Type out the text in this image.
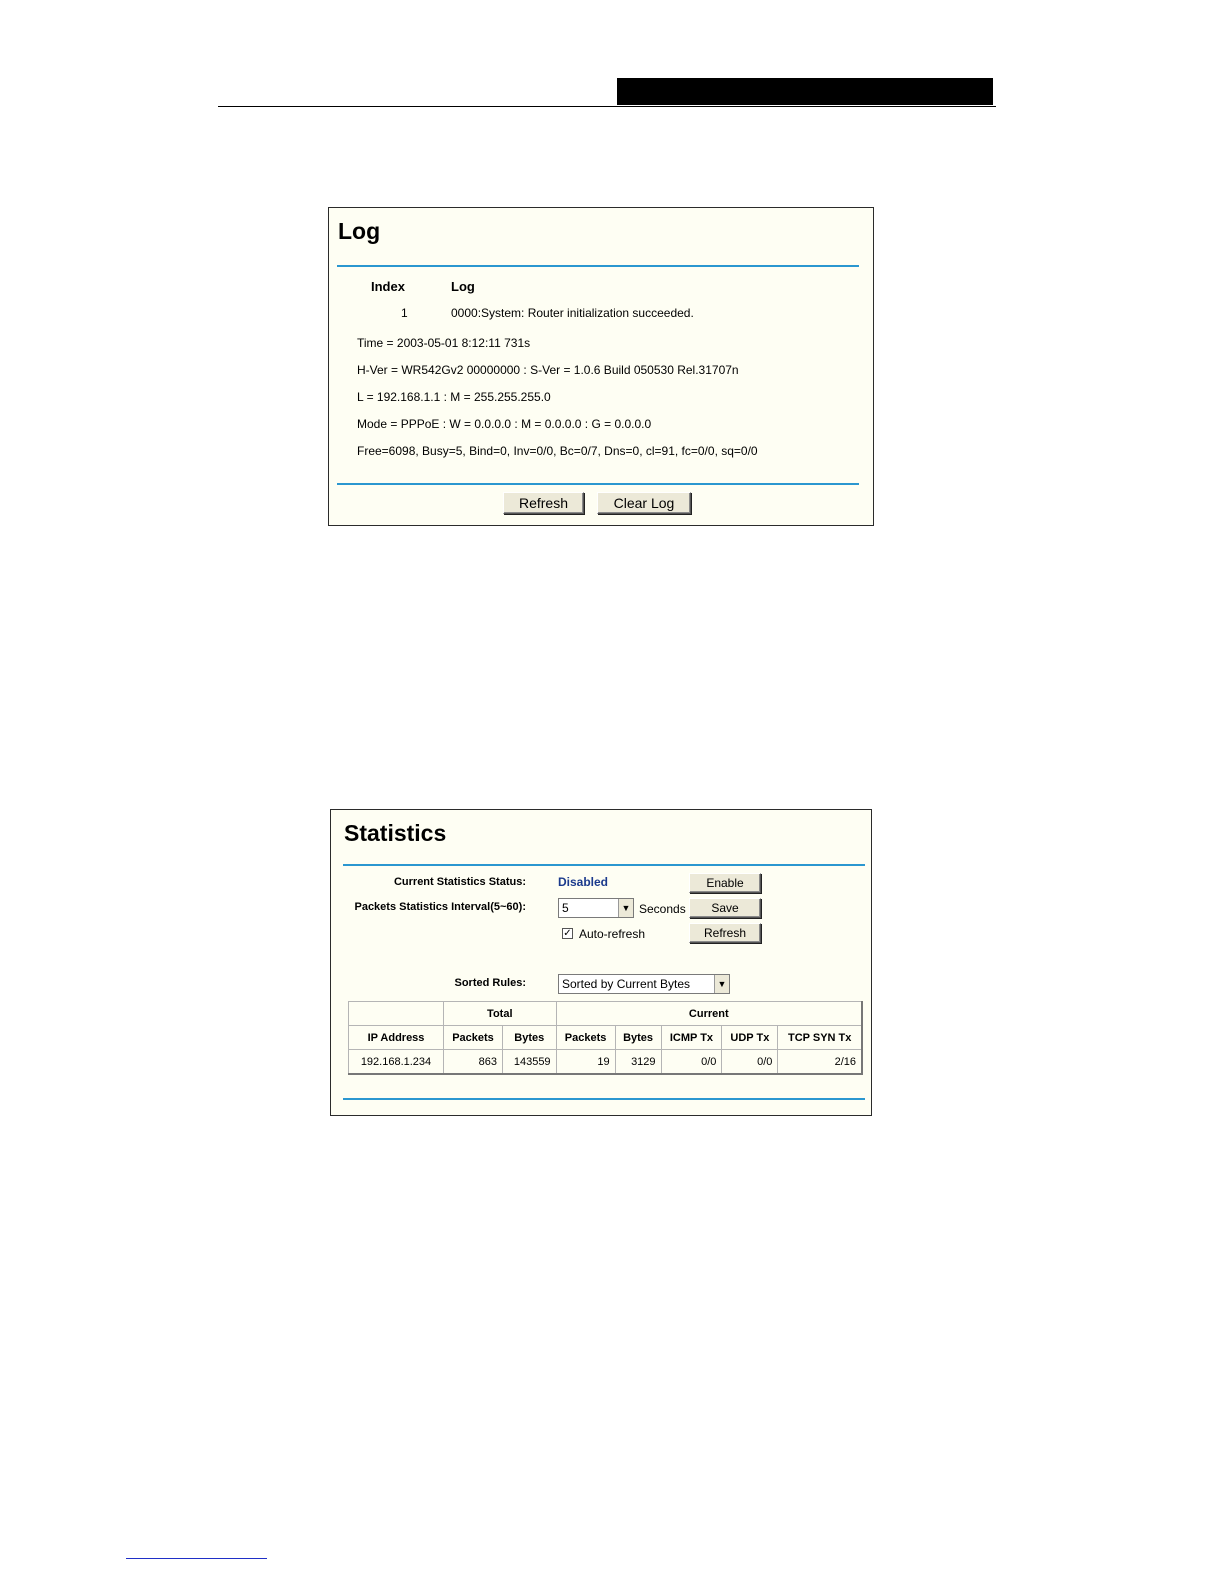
Log
Index	Log
1	0000:System: Router initialization succeeded.
Time = 2003-05-01 8:12:11 731s
H-Ver = WR542Gv2 00000000 : S-Ver = 1.0.6 Build 050530 Rel.31707n
L = 192.168.1.1 : M = 255.255.255.0
Mode = PPPoE : W = 0.0.0.0 : M = 0.0.0.0 : G = 0.0.0.0
Free=6098, Busy=5, Bind=0, Inv=0/0, Bc=0/7, Dns=0, cl=91, fc=0/0, sq=0/0
Refresh	Clear Log
Statistics
Current Statistics Status:	Disabled	Enable
Packets Statistics Interval(5~60):	5	▼ Seconds	Save
✓ Auto-refresh	Refresh
Sorted Rules:	Sorted by Current Bytes	▼
	Total		Current				
IP Address	Packets	Bytes	Packets	Bytes	ICMP Tx	UDP Tx	TCP SYN Tx
192.168.1.234	863	143559	19	3129	0/0	0/0	2/16
